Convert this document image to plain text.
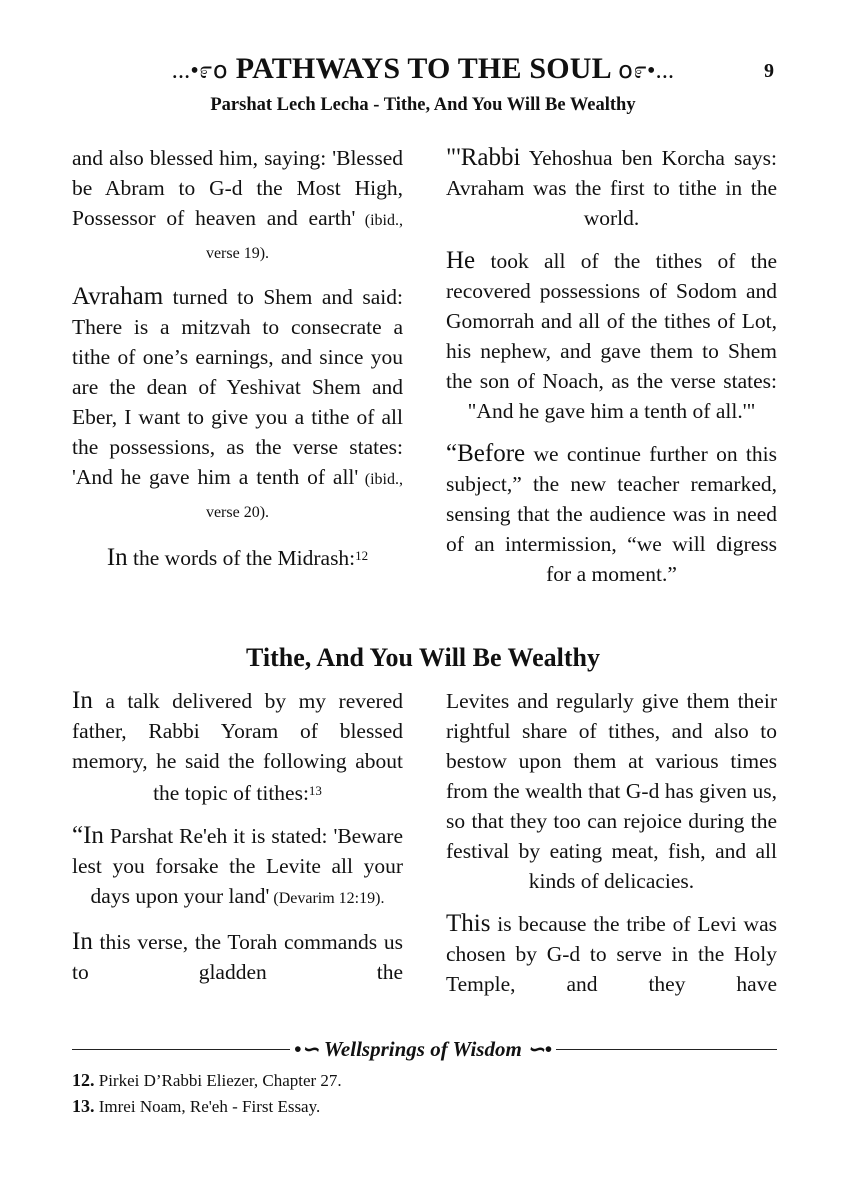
...•೯໐ PATHWAYS TO THE SOUL ໐೯•...	9
Parshat Lech Lecha - Tithe, And You Will Be Wealthy

and also blessed him, saying: 'Blessed be Abram to G-d the Most High, Possessor of heaven and earth' (ibid., verse 19).

Avraham turned to Shem and said: There is a mitzvah to consecrate a tithe of one’s earnings, and since you are the dean of Yeshivat Shem and Eber, I want to give you a tithe of all the possessions, as the verse states: 'And he gave him a tenth of all' (ibid., verse 20).

In the words of the Midrash:$^{12}$

"'Rabbi Yehoshua ben Korcha says: Avraham was the first to tithe in the world.

He took all of the tithes of the recovered possessions of Sodom and Gomorrah and all of the tithes of Lot, his nephew, and gave them to Shem the son of Noach, as the verse states: "And he gave him a tenth of all.'"

“Before we continue further on this subject,” the new teacher remarked, sensing that the audience was in need of an intermission, “we will digress for a moment.”

Tithe, And You Will Be Wealthy

In a talk delivered by my revered father, Rabbi Yoram of blessed memory, he said the following about the topic of tithes:$^{13}$

“In Parshat Re'eh it is stated: 'Beware lest you forsake the Levite all your days upon your land' (Devarim 12:19).

In this verse, the Torah commands us to gladden the

Levites and regularly give them their rightful share of tithes, and also to bestow upon them at various times from the wealth that G-d has given us, so that they too can rejoice during the festival by eating meat, fish, and all kinds of delicacies.

This is because the tribe of Levi was chosen by G-d to serve in the Holy Temple, and they have

•∽ Wellsprings of Wisdom ∽•
12. Pirkei D’Rabbi Eliezer, Chapter 27.
13. Imrei Noam, Re'eh - First Essay.
